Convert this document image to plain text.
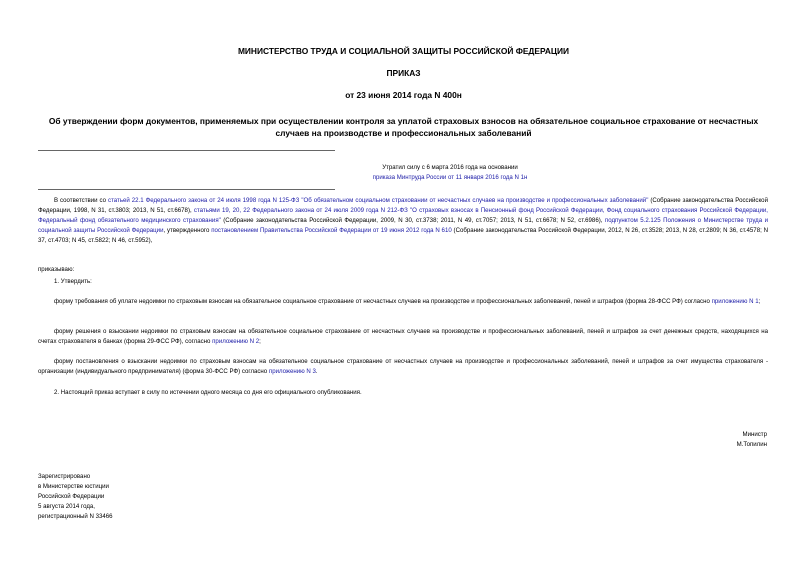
МИНИСТЕРСТВО ТРУДА И СОЦИАЛЬНОЙ ЗАЩИТЫ РОССИЙСКОЙ ФЕДЕРАЦИИ
ПРИКАЗ
от 23 июня 2014 года N 400н
Об утверждении форм документов, применяемых при осуществлении контроля за уплатой страховых взносов на обязательное социальное страхование от несчастных случаев на производстве и профессиональных заболеваний
Утратил силу с 6 марта 2016 года на основании
приказа Минтруда России от 11 января 2016 года N 1н
В соответствии со статьей 22.1 Федерального закона от 24 июля 1998 года N 125-ФЗ "Об обязательном социальном страховании от несчастных случаев на производстве и профессиональных заболеваний" (Собрание законодательства Российской Федерации, 1998, N 31, ст.3803; 2013, N 51, ст.6678), статьями 19, 20, 22 Федерального закона от 24 июля 2009 года N 212-ФЗ "О страховых взносах в Пенсионный фонд Российской Федерации, Фонд социального страхования Российской Федерации, Федеральный фонд обязательного медицинского страхования" (Собрание законодательства Российской Федерации, 2009, N 30, ст.3738; 2011, N 49, ст.7057; 2013, N 51, ст.6678; N 52, ст.6986), подпунктом 5.2.125 Положения о Министерстве труда и социальной защиты Российской Федерации, утвержденного постановлением Правительства Российской Федерации от 19 июня 2012 года N 610 (Собрание законодательства Российской Федерации, 2012, N 26, ст.3528; 2013, N 28, ст.2809; N 36, ст.4578; N 37, ст.4703; N 45, ст.5822; N 46, ст.5952),
приказываю:
1. Утвердить:
форму требования об уплате недоимки по страховым взносам на обязательное социальное страхование от несчастных случаев на производстве и профессиональных заболеваний, пеней и штрафов (форма 28-ФСС РФ) согласно приложению N 1;
форму решения о взыскании недоимки по страховым взносам на обязательное социальное страхование от несчастных случаев на производстве и профессиональных заболеваний, пеней и штрафов за счет денежных средств, находящихся на счетах страхователя в банках (форма 29-ФСС РФ), согласно приложению N 2;
форму постановления о взыскании недоимки по страховым взносам на обязательное социальное страхование от несчастных случаев на производстве и профессиональных заболеваний, пеней и штрафов за счет имущества страхователя - организации (индивидуального предпринимателя) (форма 30-ФСС РФ) согласно приложению N 3.
2. Настоящий приказ вступает в силу по истечении одного месяца со дня его официального опубликования.
Министр
М.Топилин
Зарегистрировано
в Министерстве юстиции
Российской Федерации
5 августа 2014 года,
регистрационный N 33466
